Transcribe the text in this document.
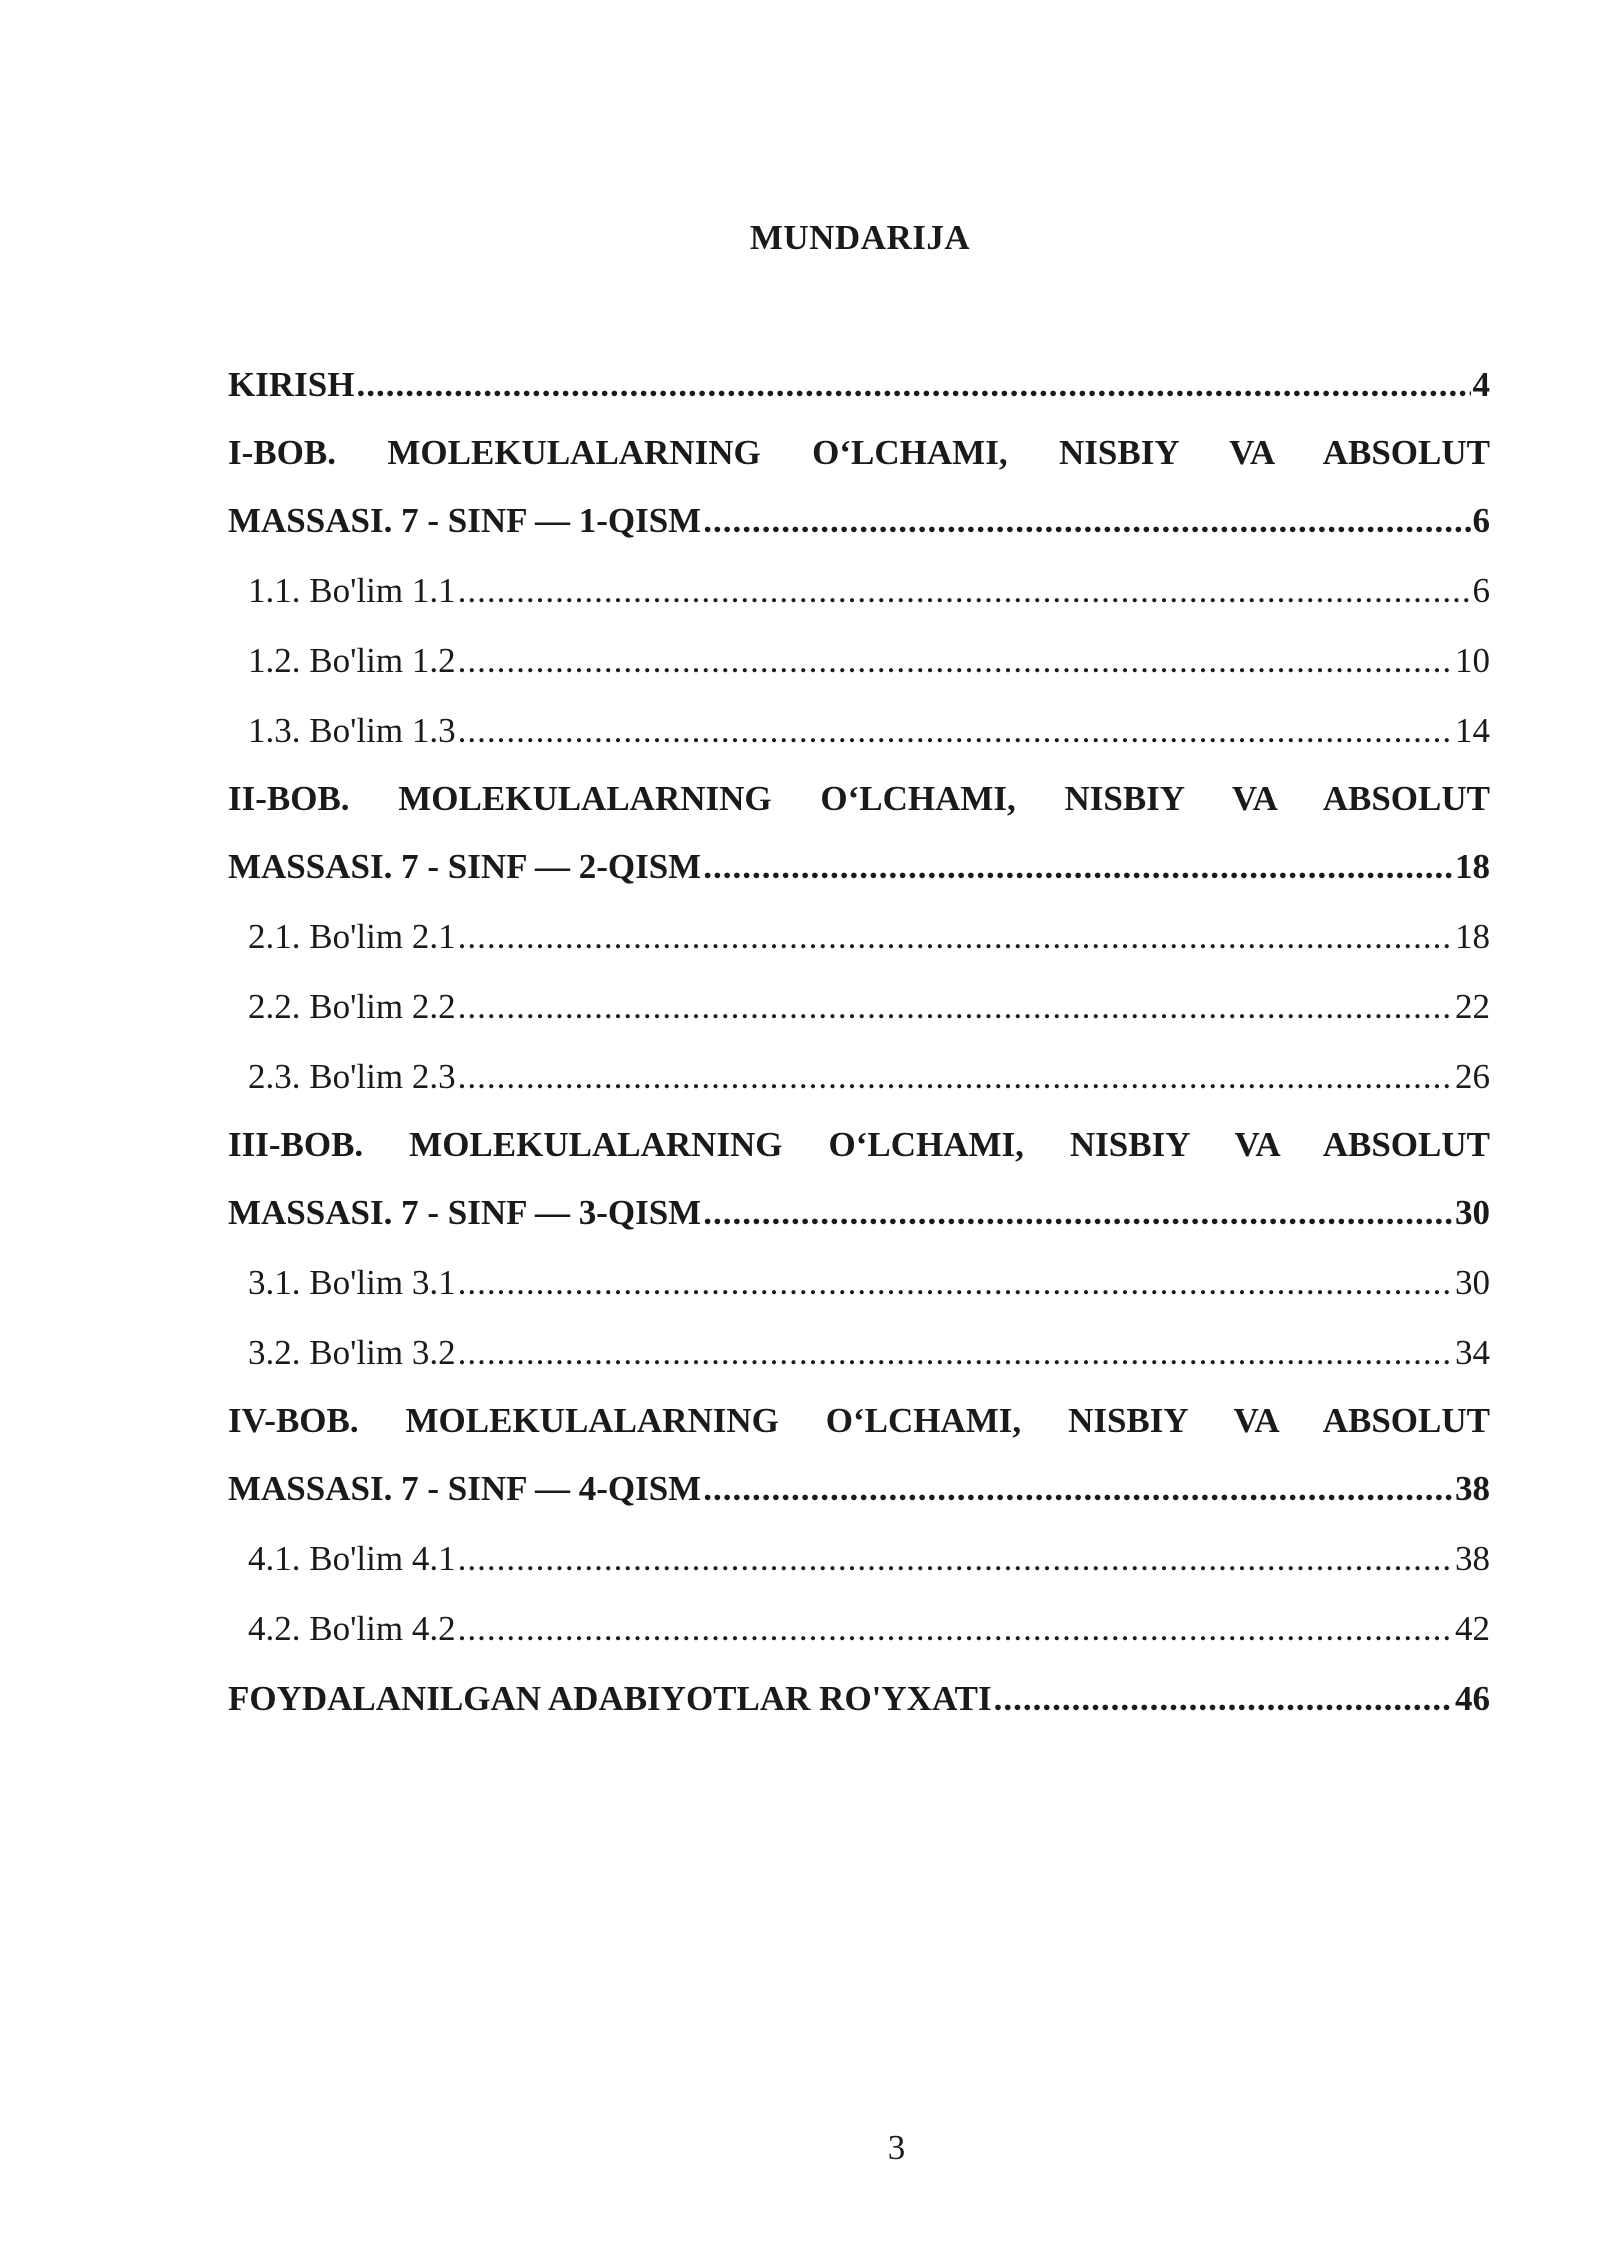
MUNDARIJA
KIRISH .....	4
I-BOB. MOLEKULALARNING O‘LCHAMI, NISBIY VA ABSOLUT
MASSASI. 7 - SINF — 1-QISM .....	6
1.1. Bo'lim 1.1 .....	6
1.2. Bo'lim 1.2 .....	10
1.3. Bo'lim 1.3 .....	14
II-BOB. MOLEKULALARNING O‘LCHAMI, NISBIY VA ABSOLUT
MASSASI. 7 - SINF — 2-QISM .....	18
2.1. Bo'lim 2.1 .....	18
2.2. Bo'lim 2.2 .....	22
2.3. Bo'lim 2.3 .....	26
III-BOB. MOLEKULALARNING O‘LCHAMI, NISBIY VA ABSOLUT
MASSASI. 7 - SINF — 3-QISM .....	30
3.1. Bo'lim 3.1 .....	30
3.2. Bo'lim 3.2 .....	34
IV-BOB. MOLEKULALARNING O‘LCHAMI, NISBIY VA ABSOLUT
MASSASI. 7 - SINF — 4-QISM .....	38
4.1. Bo'lim 4.1 .....	38
4.2. Bo'lim 4.2 .....	42
FOYDALANILGAN ADABIYOTLAR RO'YXATI .....	46
3
